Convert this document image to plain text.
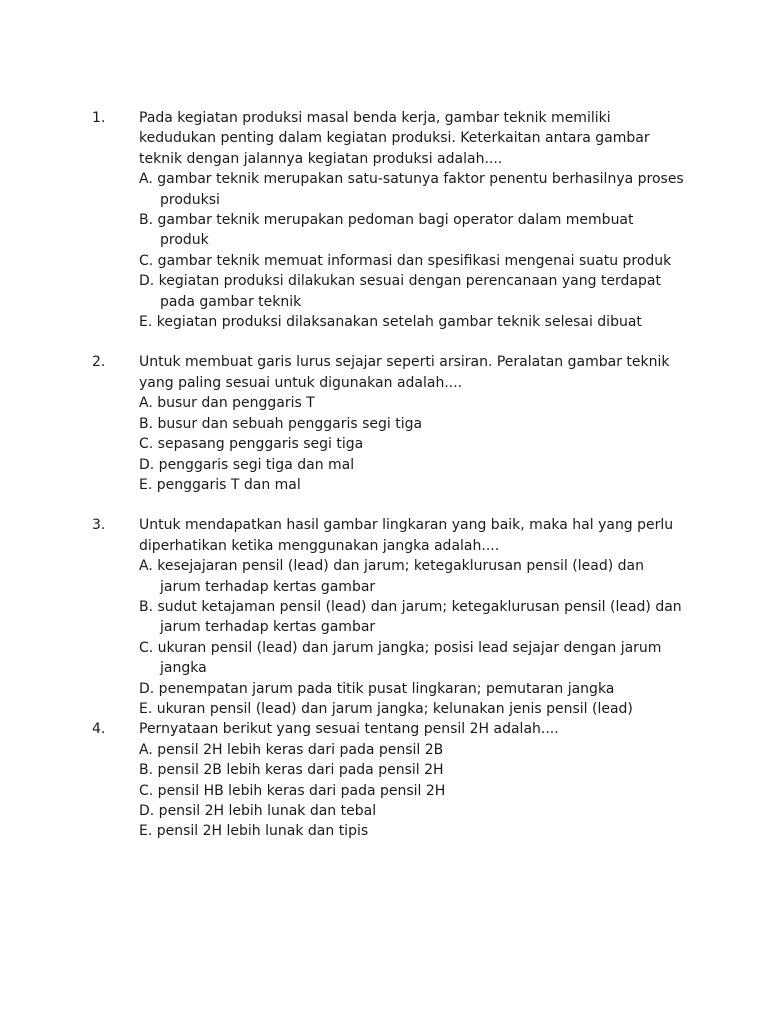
1. Pada kegiatan produksi masal benda kerja, gambar teknik memiliki kedudukan penting dalam kegiatan produksi. Keterkaitan antara gambar teknik dengan jalannya kegiatan produksi adalah....

A. gambar teknik merupakan satu-satunya faktor penentu berhasilnya proses produksi
B. gambar teknik merupakan pedoman bagi operator dalam membuat produk
C. gambar teknik memuat informasi dan spesifikasi mengenai suatu produk
D. kegiatan produksi dilakukan sesuai dengan perencanaan yang terdapat pada gambar teknik
E. kegiatan produksi dilaksanakan setelah gambar teknik selesai dibuat
2. Untuk membuat garis lurus sejajar seperti arsiran. Peralatan gambar teknik yang paling sesuai untuk digunakan adalah....

A. busur dan penggaris T
B. busur dan sebuah penggaris segi tiga
C. sepasang penggaris segi tiga
D. penggaris segi tiga dan mal
E. penggaris T dan mal
3. Untuk mendapatkan hasil gambar lingkaran yang baik, maka hal yang perlu diperhatikan ketika menggunakan jangka adalah....

A. kesejajaran pensil (lead) dan jarum; ketegaklurusan pensil (lead) dan jarum terhadap kertas gambar
B. sudut ketajaman pensil (lead) dan jarum; ketegaklurusan pensil (lead) dan jarum terhadap kertas gambar
C. ukuran pensil (lead) dan jarum jangka; posisi lead sejajar dengan jarum jangka
D. penempatan jarum pada titik pusat lingkaran; pemutaran jangka
E. ukuran pensil (lead) dan jarum jangka; kelunakan jenis pensil (lead)
4. Pernyataan berikut yang sesuai tentang pensil 2H adalah....

A. pensil 2H lebih keras dari pada pensil 2B
B. pensil 2B lebih keras dari pada pensil 2H
C. pensil HB lebih keras dari pada pensil 2H
D. pensil 2H lebih lunak dan tebal
E. pensil 2H lebih lunak dan tipis
